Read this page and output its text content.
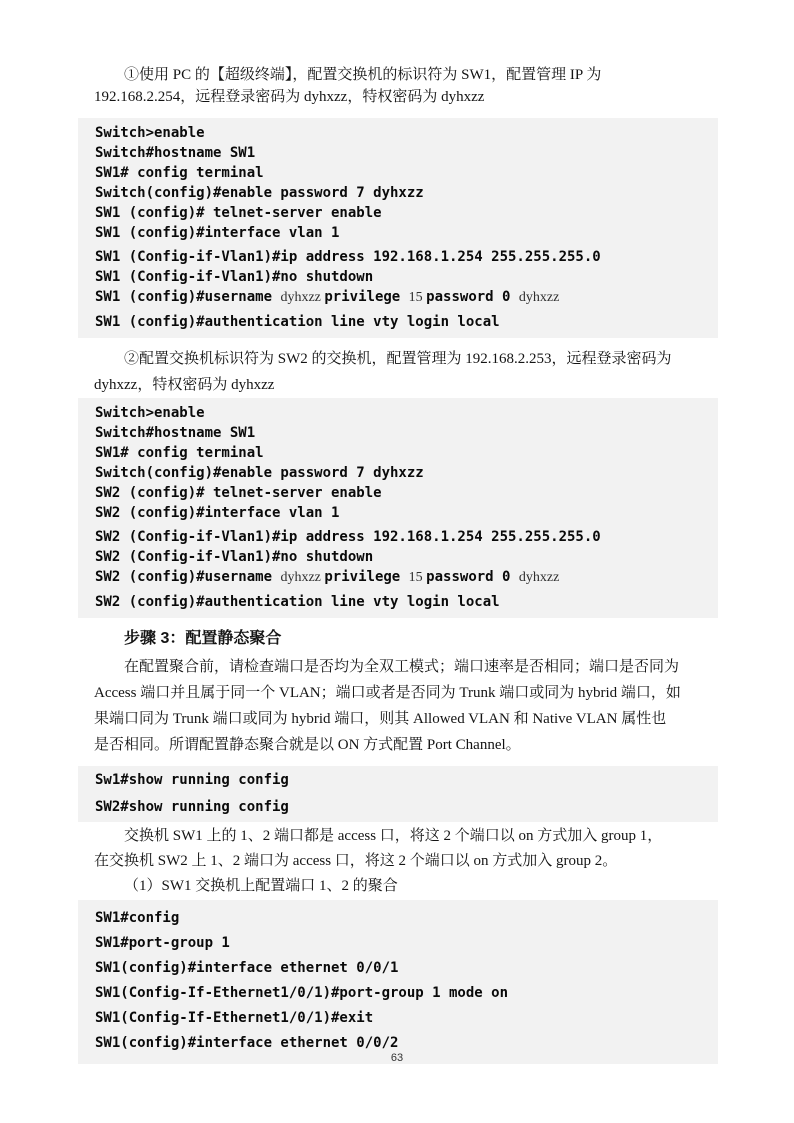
①使用 PC 的【超级终端】，配置交换机的标识符为 SW1，配置管理 IP 为
192.168.2.254，远程登录密码为 dyhxzz，特权密码为 dyhxzz
Switch>enable
Switch#hostname SW1
SW1# config terminal
Switch(config)#enable password 7 dyhxzz
SW1 (config)# telnet-server enable
SW1 (config)#interface vlan 1
SW1 (Config-if-Vlan1)#ip address 192.168.1.254 255.255.255.0
SW1 (Config-if-Vlan1)#no shutdown
SW1 (config)#username dyhxzz privilege 15 password 0 dyhxzz
SW1 (config)#authentication line vty login local
②配置交换机标识符为 SW2 的交换机，配置管理为 192.168.2.253，远程登录密码为
dyhxzz，特权密码为 dyhxzz
Switch>enable
Switch#hostname SW1
SW1# config terminal
Switch(config)#enable password 7 dyhxzz
SW2 (config)# telnet-server enable
SW2 (config)#interface vlan 1
SW2 (Config-if-Vlan1)#ip address 192.168.1.254 255.255.255.0
SW2 (Config-if-Vlan1)#no shutdown
SW2 (config)#username dyhxzz privilege 15 password 0 dyhxzz
SW2 (config)#authentication line vty login local
步骤 3：配置静态聚合
在配置聚合前，请检查端口是否均为全双工模式；端口速率是否相同；端口是否同为
Access 端口并且属于同一个 VLAN；端口或者是否同为 Trunk 端口或同为 hybrid 端口，如
果端口同为 Trunk 端口或同为 hybrid 端口，则其 Allowed VLAN 和 Native VLAN 属性也
是否相同。所谓配置静态聚合就是以 ON 方式配置 Port Channel。
Sw1#show running config
SW2#show running config
交换机 SW1 上的 1、2 端口都是 access 口，将这 2 个端口以 on 方式加入 group 1，
在交换机 SW2 上 1、2 端口为 access 口，将这 2 个端口以 on 方式加入 group 2。
（1）SW1 交换机上配置端口 1、2 的聚合
SW1#config
SW1#port-group 1
SW1(config)#interface ethernet 0/0/1
SW1(Config-If-Ethernet1/0/1)#port-group 1 mode on
SW1(Config-If-Ethernet1/0/1)#exit
SW1(config)#interface ethernet 0/0/2
63
